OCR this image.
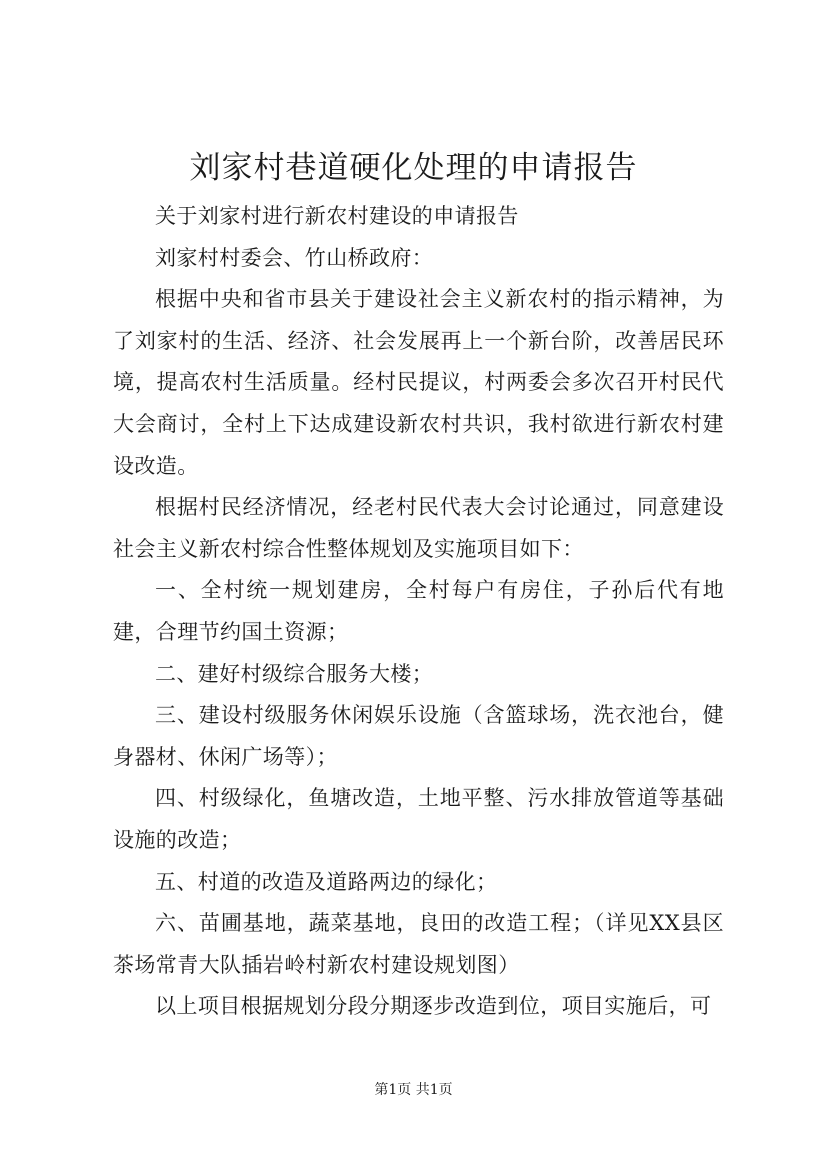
刘家村巷道硬化处理的申请报告

关于刘家村进行新农村建设的申请报告

刘家村村委会、竹山桥政府：

根据中央和省市县关于建设社会主义新农村的指示精神，为了刘家村的生活、经济、社会发展再上一个新台阶，改善居民环境，提高农村生活质量。经村民提议，村两委会多次召开村民代大会商讨，全村上下达成建设新农村共识，我村欲进行新农村建设改造。

根据村民经济情况，经老村民代表大会讨论通过，同意建设社会主义新农村综合性整体规划及实施项目如下：

一、全村统一规划建房，全村每户有房住，子孙后代有地建，合理节约国土资源；

二、建好村级综合服务大楼；

三、建设村级服务休闲娱乐设施（含篮球场，洗衣池台，健身器材、休闲广场等）；

四、村级绿化，鱼塘改造，土地平整、污水排放管道等基础设施的改造；

五、村道的改造及道路两边的绿化；

六、苗圃基地，蔬菜基地，良田的改造工程；（详见XX县区茶场常青大队插岩岭村新农村建设规划图）

以上项目根据规划分段分期逐步改造到位，项目实施后，可

第1页 共1页
